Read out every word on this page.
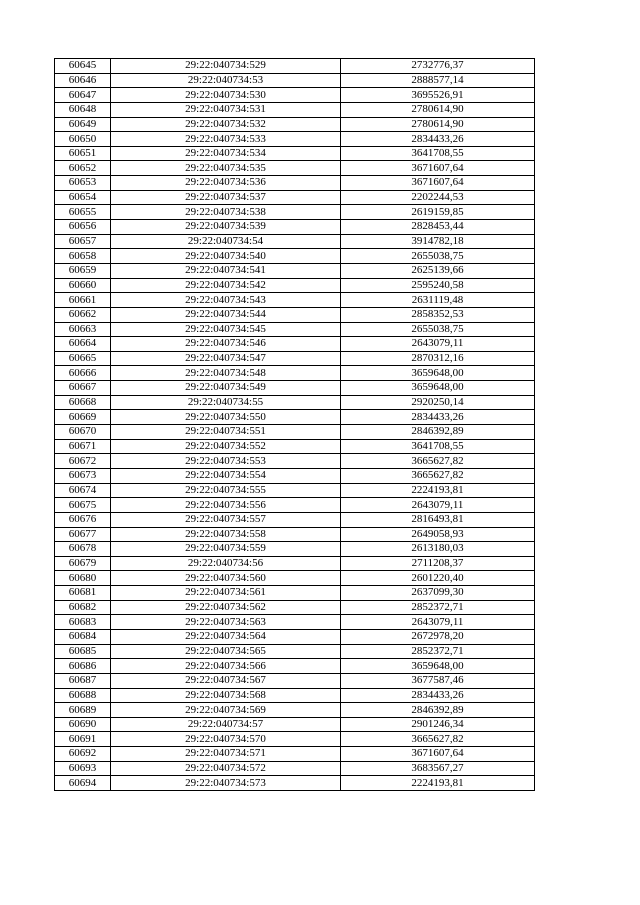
60645	29:22:040734:529	2732776,37
60646	29:22:040734:53	2888577,14
60647	29:22:040734:530	3695526,91
60648	29:22:040734:531	2780614,90
60649	29:22:040734:532	2780614,90
60650	29:22:040734:533	2834433,26
60651	29:22:040734:534	3641708,55
60652	29:22:040734:535	3671607,64
60653	29:22:040734:536	3671607,64
60654	29:22:040734:537	2202244,53
60655	29:22:040734:538	2619159,85
60656	29:22:040734:539	2828453,44
60657	29:22:040734:54	3914782,18
60658	29:22:040734:540	2655038,75
60659	29:22:040734:541	2625139,66
60660	29:22:040734:542	2595240,58
60661	29:22:040734:543	2631119,48
60662	29:22:040734:544	2858352,53
60663	29:22:040734:545	2655038,75
60664	29:22:040734:546	2643079,11
60665	29:22:040734:547	2870312,16
60666	29:22:040734:548	3659648,00
60667	29:22:040734:549	3659648,00
60668	29:22:040734:55	2920250,14
60669	29:22:040734:550	2834433,26
60670	29:22:040734:551	2846392,89
60671	29:22:040734:552	3641708,55
60672	29:22:040734:553	3665627,82
60673	29:22:040734:554	3665627,82
60674	29:22:040734:555	2224193,81
60675	29:22:040734:556	2643079,11
60676	29:22:040734:557	2816493,81
60677	29:22:040734:558	2649058,93
60678	29:22:040734:559	2613180,03
60679	29:22:040734:56	2711208,37
60680	29:22:040734:560	2601220,40
60681	29:22:040734:561	2637099,30
60682	29:22:040734:562	2852372,71
60683	29:22:040734:563	2643079,11
60684	29:22:040734:564	2672978,20
60685	29:22:040734:565	2852372,71
60686	29:22:040734:566	3659648,00
60687	29:22:040734:567	3677587,46
60688	29:22:040734:568	2834433,26
60689	29:22:040734:569	2846392,89
60690	29:22:040734:57	2901246,34
60691	29:22:040734:570	3665627,82
60692	29:22:040734:571	3671607,64
60693	29:22:040734:572	3683567,27
60694	29:22:040734:573	2224193,81
